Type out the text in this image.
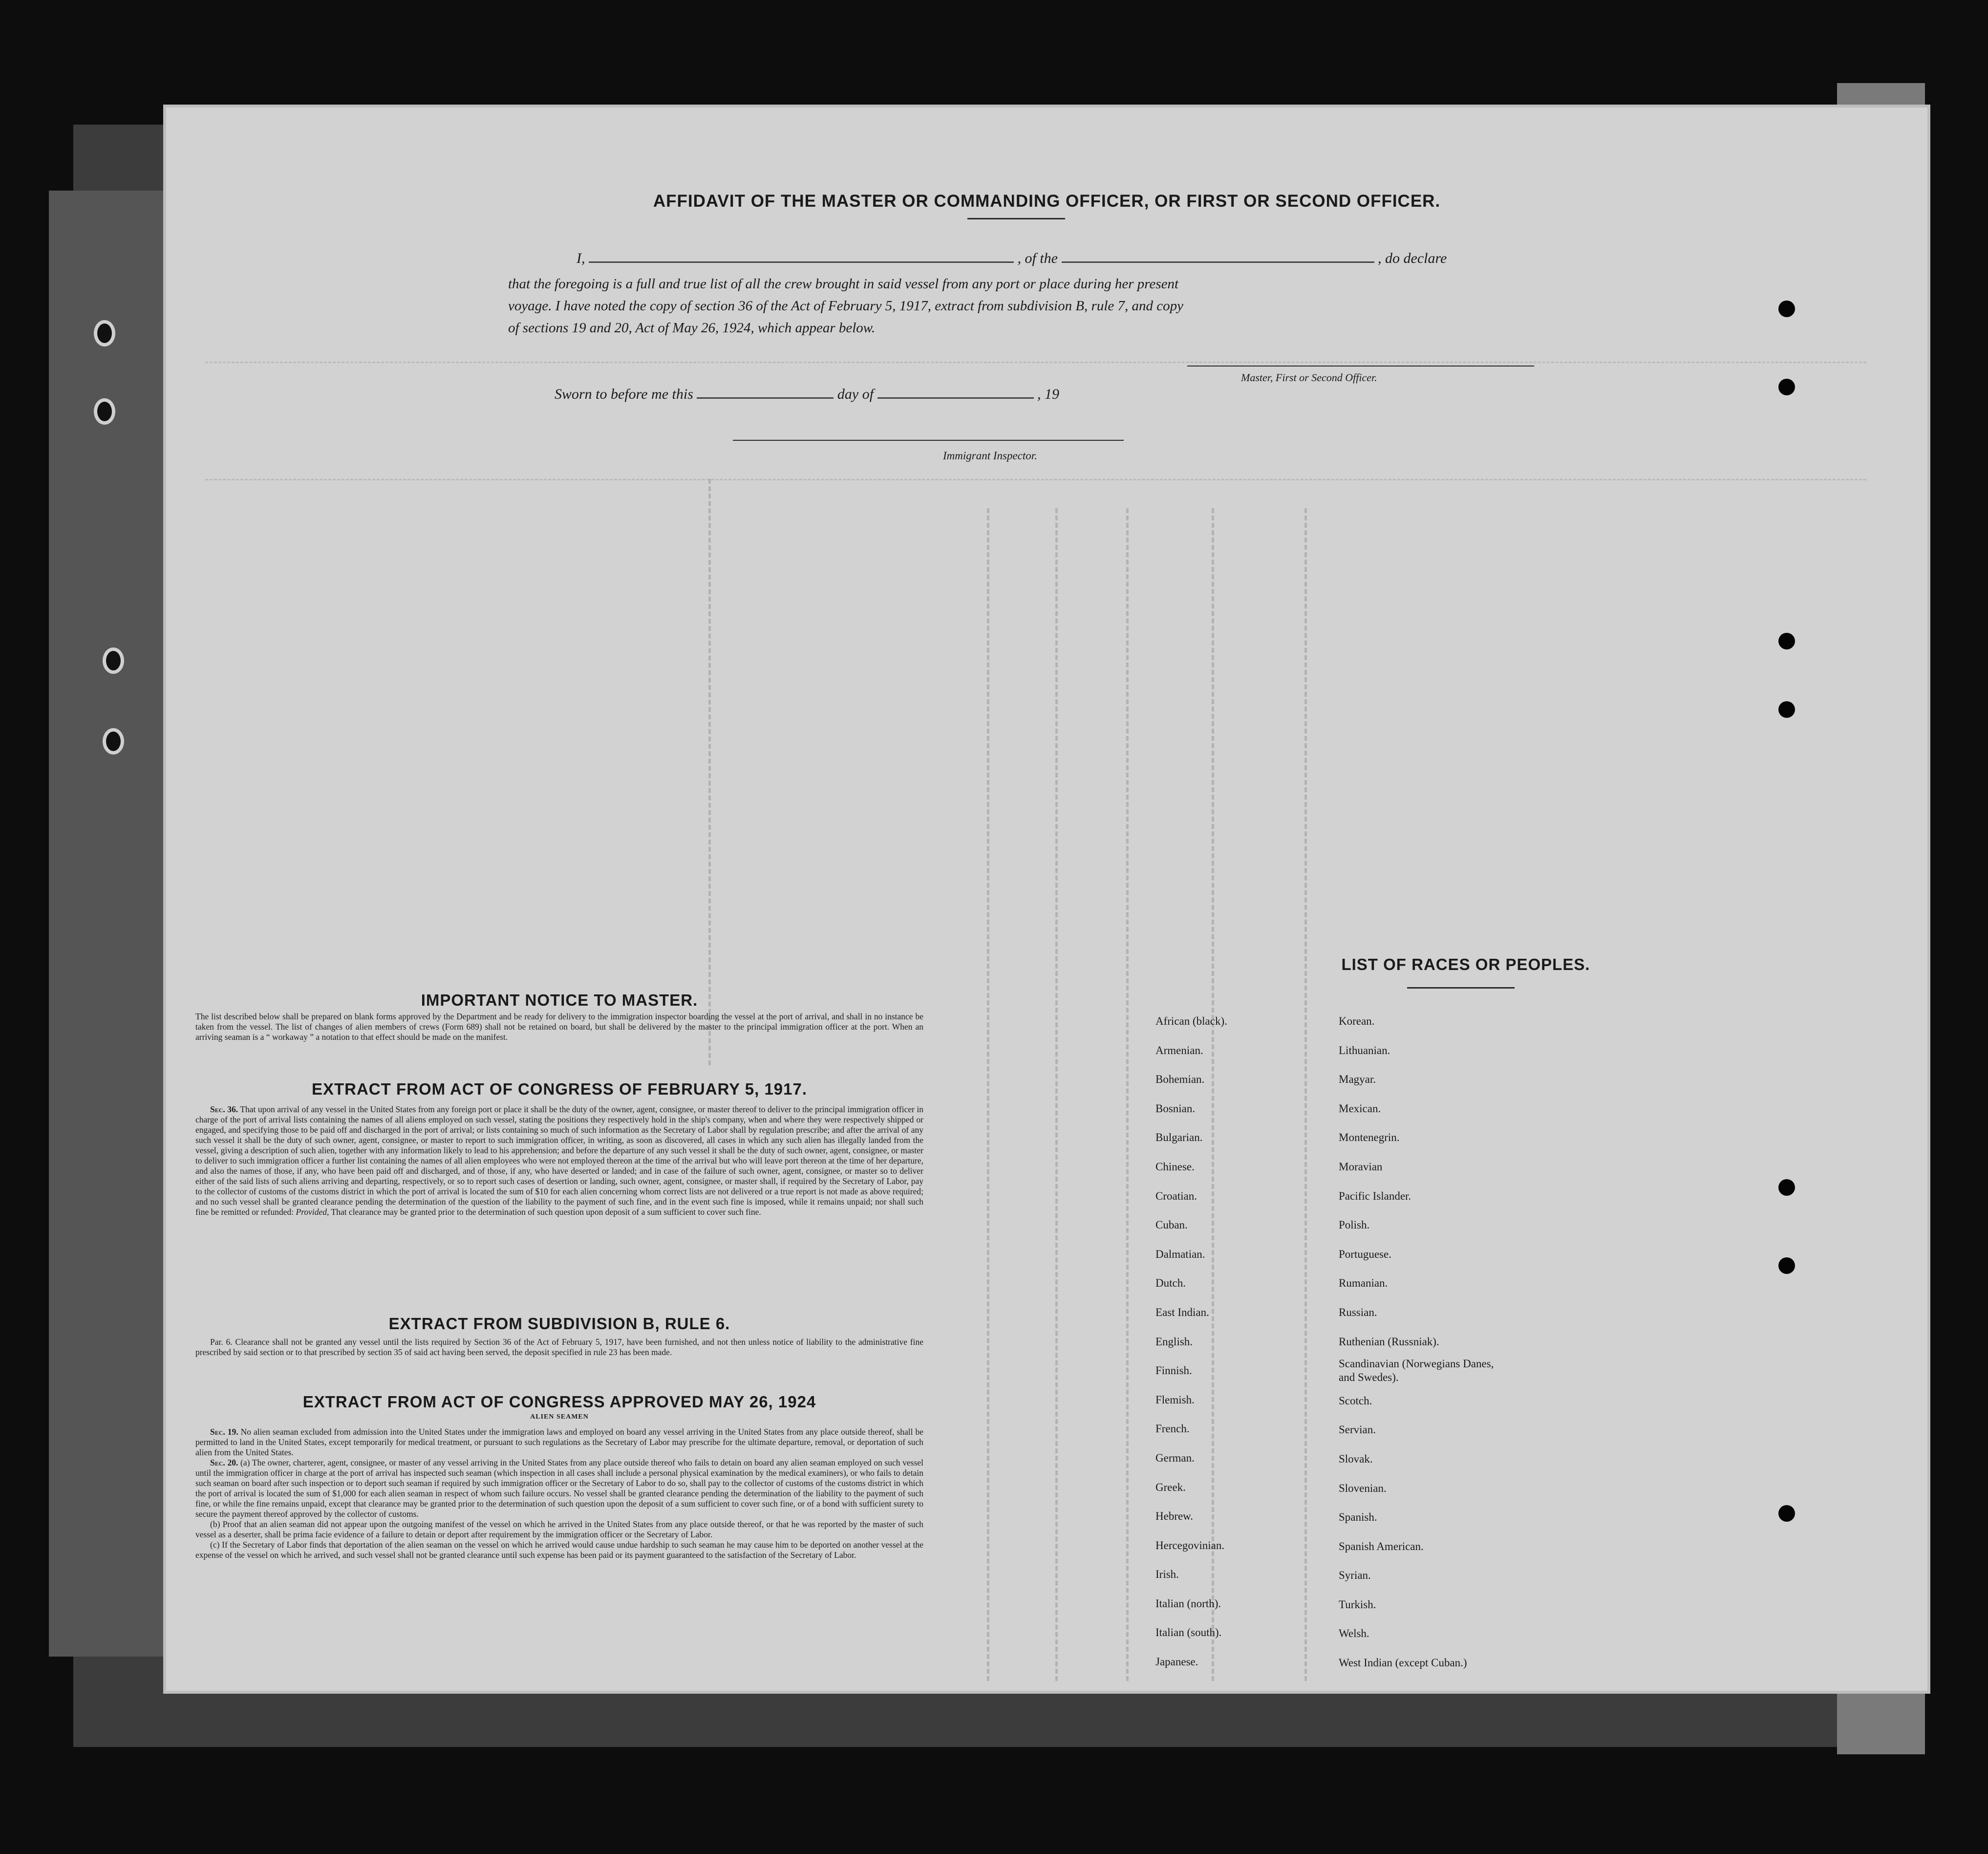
AFFIDAVIT OF THE MASTER OR COMMANDING OFFICER, OR FIRST OR SECOND OFFICER.
I,	, of the	, do declare
that the foregoing is a full and true list of all the crew brought in said vessel from any port or place during her present
voyage. I have noted the copy of section 36 of the Act of February 5, 1917, extract from subdivision B, rule 7, and copy
of sections 19 and 20, Act of May 26, 1924, which appear below.
Master, First or Second Officer.
Sworn to before me this	day of	, 19
Immigrant Inspector.
IMPORTANT NOTICE TO MASTER.
The list described below shall be prepared on blank forms approved by the Department and be ready for delivery to the immigration inspector boarding the vessel at the port of arrival, and shall in no instance be taken from the vessel. The list of changes of alien members of crews (Form 689) shall not be retained on board, but shall be delivered by the master to the principal immigration officer at the port. When an arriving seaman is a “ workaway ” a notation to that effect should be made on the manifest.
EXTRACT FROM ACT OF CONGRESS OF FEBRUARY 5, 1917.
Sec. 36. That upon arrival of any vessel in the United States from any foreign port or place it shall be the duty of the owner, agent, consignee, or master thereof to deliver to the principal immigration officer in charge of the port of arrival lists containing the names of all aliens employed on such vessel, stating the positions they respectively hold in the ship's company, when and where they were respectively shipped or engaged, and specifying those to be paid off and discharged in the port of arrival; or lists containing so much of such information as the Secretary of Labor shall by regulation prescribe; and after the arrival of any such vessel it shall be the duty of such owner, agent, consignee, or master to report to such immigration officer, in writing, as soon as discovered, all cases in which any such alien has illegally landed from the vessel, giving a description of such alien, together with any information likely to lead to his apprehension; and before the departure of any such vessel it shall be the duty of such owner, agent, consignee, or master to deliver to such immigration officer a further list containing the names of all alien employees who were not employed thereon at the time of the arrival but who will leave port thereon at the time of her departure, and also the names of those, if any, who have been paid off and discharged, and of those, if any, who have deserted or landed; and in case of the failure of such owner, agent, consignee, or master so to deliver either of the said lists of such aliens arriving and departing, respectively, or so to report such cases of desertion or landing, such owner, agent, consignee, or master shall, if required by the Secretary of Labor, pay to the collector of customs of the customs district in which the port of arrival is located the sum of $10 for each alien concerning whom correct lists are not delivered or a true report is not made as above required; and no such vessel shall be granted clearance pending the determination of the question of the liability to the payment of such fine, and in the event such fine is imposed, while it remains unpaid; nor shall such fine be remitted or refunded: Provided, That clearance may be granted prior to the determination of such question upon deposit of a sum sufficient to cover such fine.
EXTRACT FROM SUBDIVISION B, RULE 6.
Par. 6. Clearance shall not be granted any vessel until the lists required by Section 36 of the Act of February 5, 1917, have been furnished, and not then unless notice of liability to the administrative fine prescribed by said section or to that prescribed by section 35 of said act having been served, the deposit specified in rule 23 has been made.
EXTRACT FROM ACT OF CONGRESS APPROVED MAY 26, 1924
ALIEN SEAMEN
Sec. 19. No alien seaman excluded from admission into the United States under the immigration laws and employed on board any vessel arriving in the United States from any place outside thereof, shall be permitted to land in the United States, except temporarily for medical treatment, or pursuant to such regulations as the Secretary of Labor may prescribe for the ultimate departure, removal, or deportation of such alien from the United States.
Sec. 20. (a) The owner, charterer, agent, consignee, or master of any vessel arriving in the United States from any place outside thereof who fails to detain on board any alien seaman employed on such vessel until the immigration officer in charge at the port of arrival has inspected such seaman (which inspection in all cases shall include a personal physical examination by the medical examiners), or who fails to detain such seaman on board after such inspection or to deport such seaman if required by such immigration officer or the Secretary of Labor to do so, shall pay to the collector of customs of the customs district in which the port of arrival is located the sum of $1,000 for each alien seaman in respect of whom such failure occurs. No vessel shall be granted clearance pending the determination of the liability to the payment of such fine, or while the fine remains unpaid, except that clearance may be granted prior to the determination of such question upon the deposit of a sum sufficient to cover such fine, or of a bond with sufficient surety to secure the payment thereof approved by the collector of customs.
(b) Proof that an alien seaman did not appear upon the outgoing manifest of the vessel on which he arrived in the United States from any place outside thereof, or that he was reported by the master of such vessel as a deserter, shall be prima facie evidence of a failure to detain or deport after requirement by the immigration officer or the Secretary of Labor.
(c) If the Secretary of Labor finds that deportation of the alien seaman on the vessel on which he arrived would cause undue hardship to such seaman he may cause him to be deported on another vessel at the expense of the vessel on which he arrived, and such vessel shall not be granted clearance until such expense has been paid or its payment guaranteed to the satisfaction of the Secretary of Labor.
LIST OF RACES OR PEOPLES.
African (black).
Armenian.
Bohemian.
Bosnian.
Bulgarian.
Chinese.
Croatian.
Cuban.
Dalmatian.
Dutch.
East Indian.
English.
Finnish.
Flemish.
French.
German.
Greek.
Hebrew.
Hercegovinian.
Irish.
Italian (north).
Italian (south).
Japanese.
Korean.
Lithuanian.
Magyar.
Mexican.
Montenegrin.
Moravian
Pacific Islander.
Polish.
Portuguese.
Rumanian.
Russian.
Ruthenian (Russniak).
Scandinavian (Norwegians Danes, and Swedes).
Scotch.
Servian.
Slovak.
Slovenian.
Spanish.
Spanish American.
Syrian.
Turkish.
Welsh.
West Indian (except Cuban.)
